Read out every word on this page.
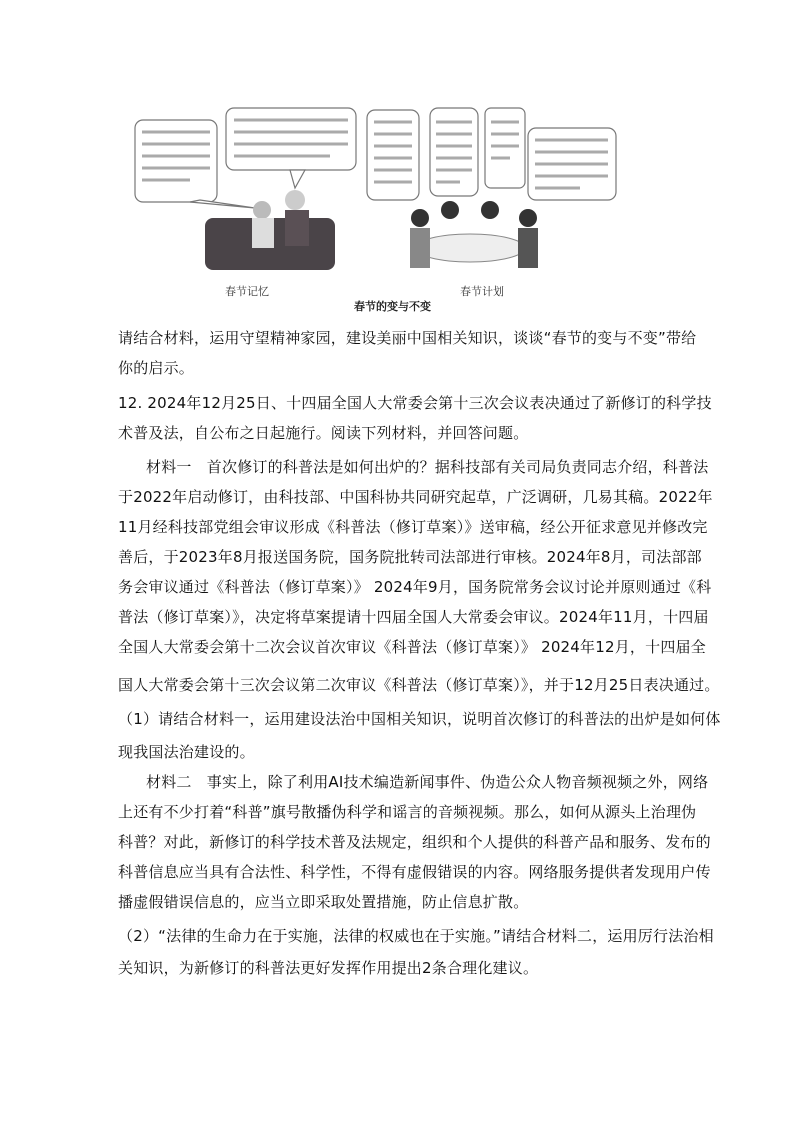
春节记忆	春节计划
春节的变与不变
请结合材料，运用守望精神家园，建设美丽中国相关知识，谈谈“春节的变与不变”带给
你的启示。
12. 2024年12月25日、十四届全国人大常委会第十三次会议表决通过了新修订的科学技
术普及法，自公布之日起施行。阅读下列材料，并回答问题。
材料一　首次修订的科普法是如何出炉的？据科技部有关司局负责同志介绍，科普法
于2022年启动修订，由科技部、中国科协共同研究起草，广泛调研，几易其稿。2022年
11月经科技部党组会审议形成《科普法（修订草案）》送审稿，经公开征求意见并修改完
善后，于2023年8月报送国务院，国务院批转司法部进行审核。2024年8月，司法部部
务会审议通过《科普法（修订草案）》 2024年9月，国务院常务会议讨论并原则通过《科
普法（修订草案）》，决定将草案提请十四届全国人大常委会审议。2024年11月，十四届
全国人大常委会第十二次会议首次审议《科普法（修订草案）》 2024年12月，十四届全
国人大常委会第十三次会议第二次审议《科普法（修订草案）》，并于12月25日表决通过。
（1）请结合材料一，运用建设法治中国相关知识，说明首次修订的科普法的出炉是如何体
现我国法治建设的。
材料二　事实上，除了利用AI技术编造新闻事件、伪造公众人物音频视频之外，网络
上还有不少打着“科普”旗号散播伪科学和谣言的音频视频。那么，如何从源头上治理伪
科普？对此，新修订的科学技术普及法规定，组织和个人提供的科普产品和服务、发布的
科普信息应当具有合法性、科学性，不得有虚假错误的内容。网络服务提供者发现用户传
播虚假错误信息的，应当立即采取处置措施，防止信息扩散。
（2）“法律的生命力在于实施，法律的权威也在于实施。”请结合材料二，运用厉行法治相
关知识，为新修订的科普法更好发挥作用提出2条合理化建议。
